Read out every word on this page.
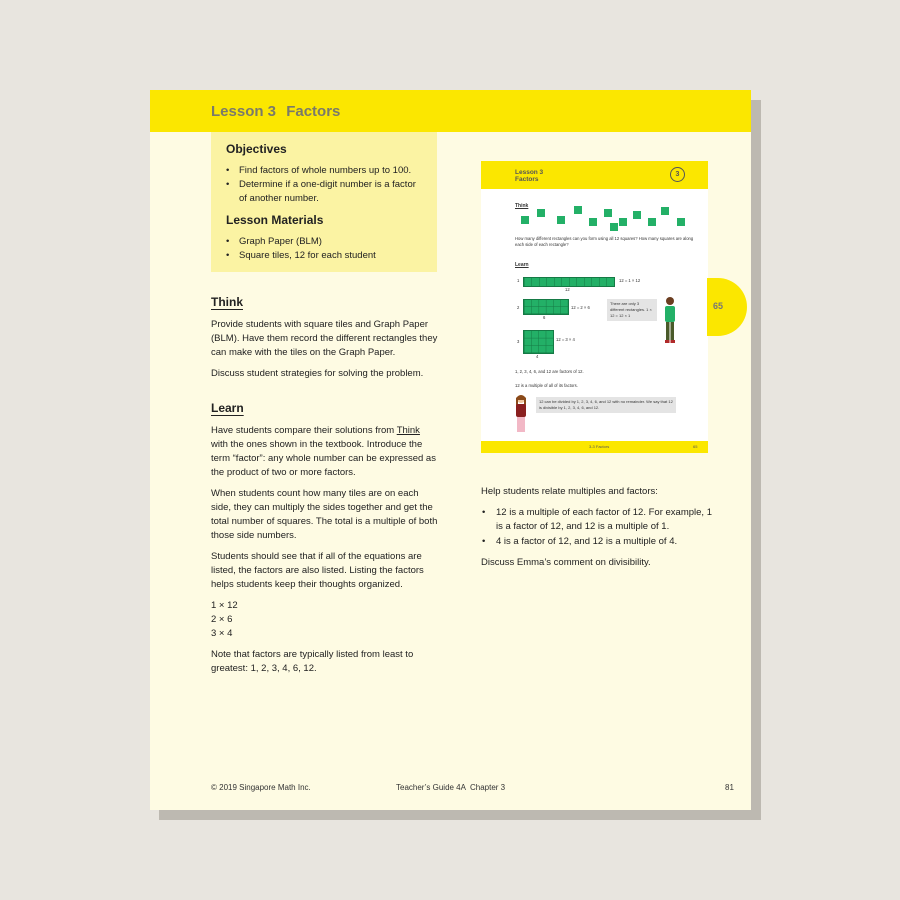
Lesson 3 Factors
Objectives
• Find factors of whole numbers up to 100.
• Determine if a one-digit number is a factor of another number.
Lesson Materials
• Graph Paper (BLM)
• Square tiles, 12 for each student
Think

Provide students with square tiles and Graph Paper (BLM). Have them record the different rectangles they can make with the tiles on the Graph Paper.

Discuss student strategies for solving the problem.

Learn

Have students compare their solutions from Think with the ones shown in the textbook. Introduce the term “factor”: any whole number can be expressed as the product of two or more factors.

When students count how many tiles are on each side, they can multiply the sides together and get the total number of squares. The total is a multiple of both those side numbers.

Students should see that if all of the equations are listed, the factors are also listed. Listing the factors helps students keep their thoughts organized.

1 × 12
2 × 6
3 × 4

Note that factors are typically listed from least to greatest: 1, 2, 3, 4, 6, 12.

Lesson 3
Factors
3
Think
How many different rectangles can you form using all 12 squares? How many squares are along each side of each rectangle?
Learn
1	12 = 1 × 12
12
2	12 = 2 × 6
6
There are only 3 different rectangles. 1 × 12 = 12 × 1
3	12 = 3 × 4
4
1, 2, 3, 4, 6, and 12 are factors of 12.
12 is a multiple of all of its factors.
12 can be divided by 1, 2, 3, 4, 6, and 12 with no remainder. We say that 12 is divisible by 1, 2, 3, 4, 6, and 12.
3-3 Factors	65
65

Help students relate multiples and factors:

• 12 is a multiple of each factor of 12. For example, 1 is a factor of 12, and 12 is a multiple of 1.
• 4 is a factor of 12, and 12 is a multiple of 4.

Discuss Emma’s comment on divisibility.

© 2019 Singapore Math Inc.	Teacher’s Guide 4A  Chapter 3	81
